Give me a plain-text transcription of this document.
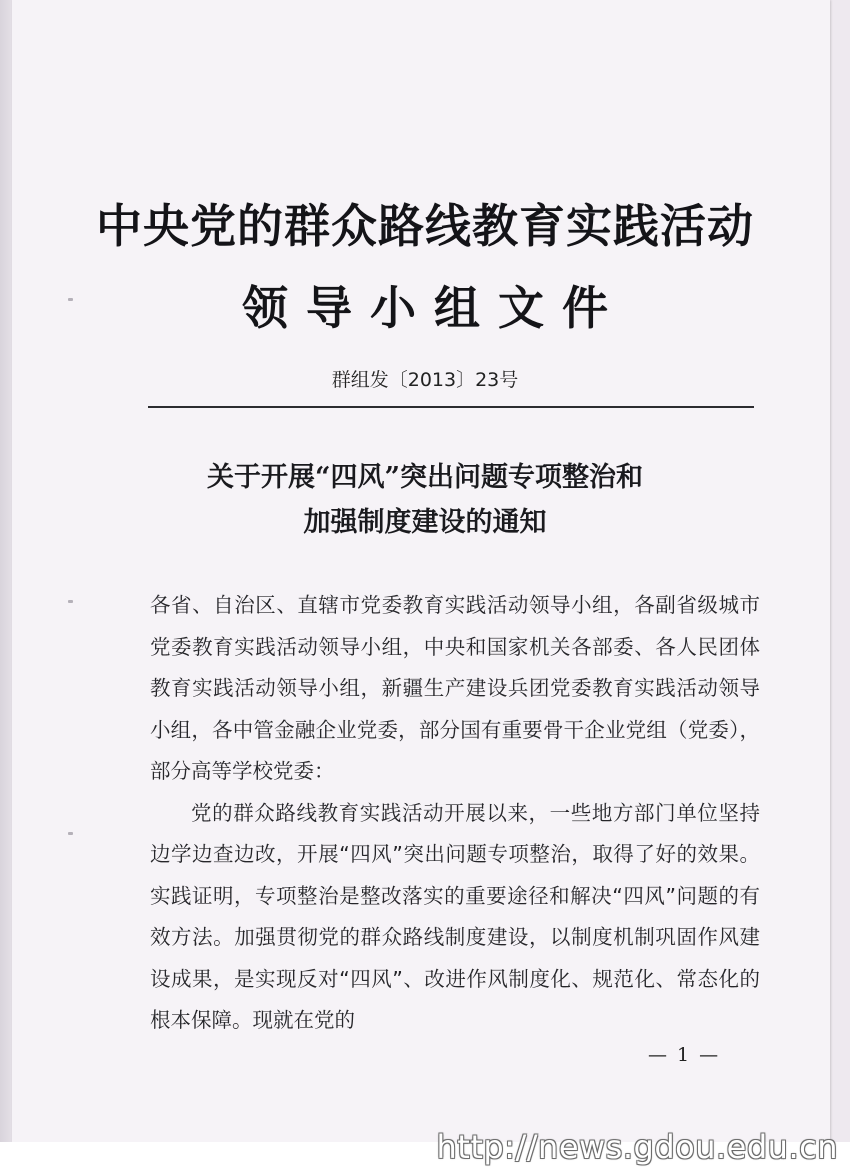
中央党的群众路线教育实践活动
领导小组文件
群组发〔2013〕23号
关于开展“四风”突出问题专项整治和
加强制度建设的通知

各省、自治区、直辖市党委教育实践活动领导小组，各副省级城市党委教育实践活动领导小组，中央和国家机关各部委、各人民团体教育实践活动领导小组，新疆生产建设兵团党委教育实践活动领导小组，各中管金融企业党委，部分国有重要骨干企业党组（党委），部分高等学校党委：

党的群众路线教育实践活动开展以来，一些地方部门单位坚持边学边查边改，开展“四风”突出问题专项整治，取得了好的效果。实践证明，专项整治是整改落实的重要途径和解决“四风”问题的有效方法。加强贯彻党的群众路线制度建设，以制度机制巩固作风建设成果，是实现反对“四风”、改进作风制度化、规范化、常态化的根本保障。现就在党的

— 1 —
http://news.gdou.edu.cn
